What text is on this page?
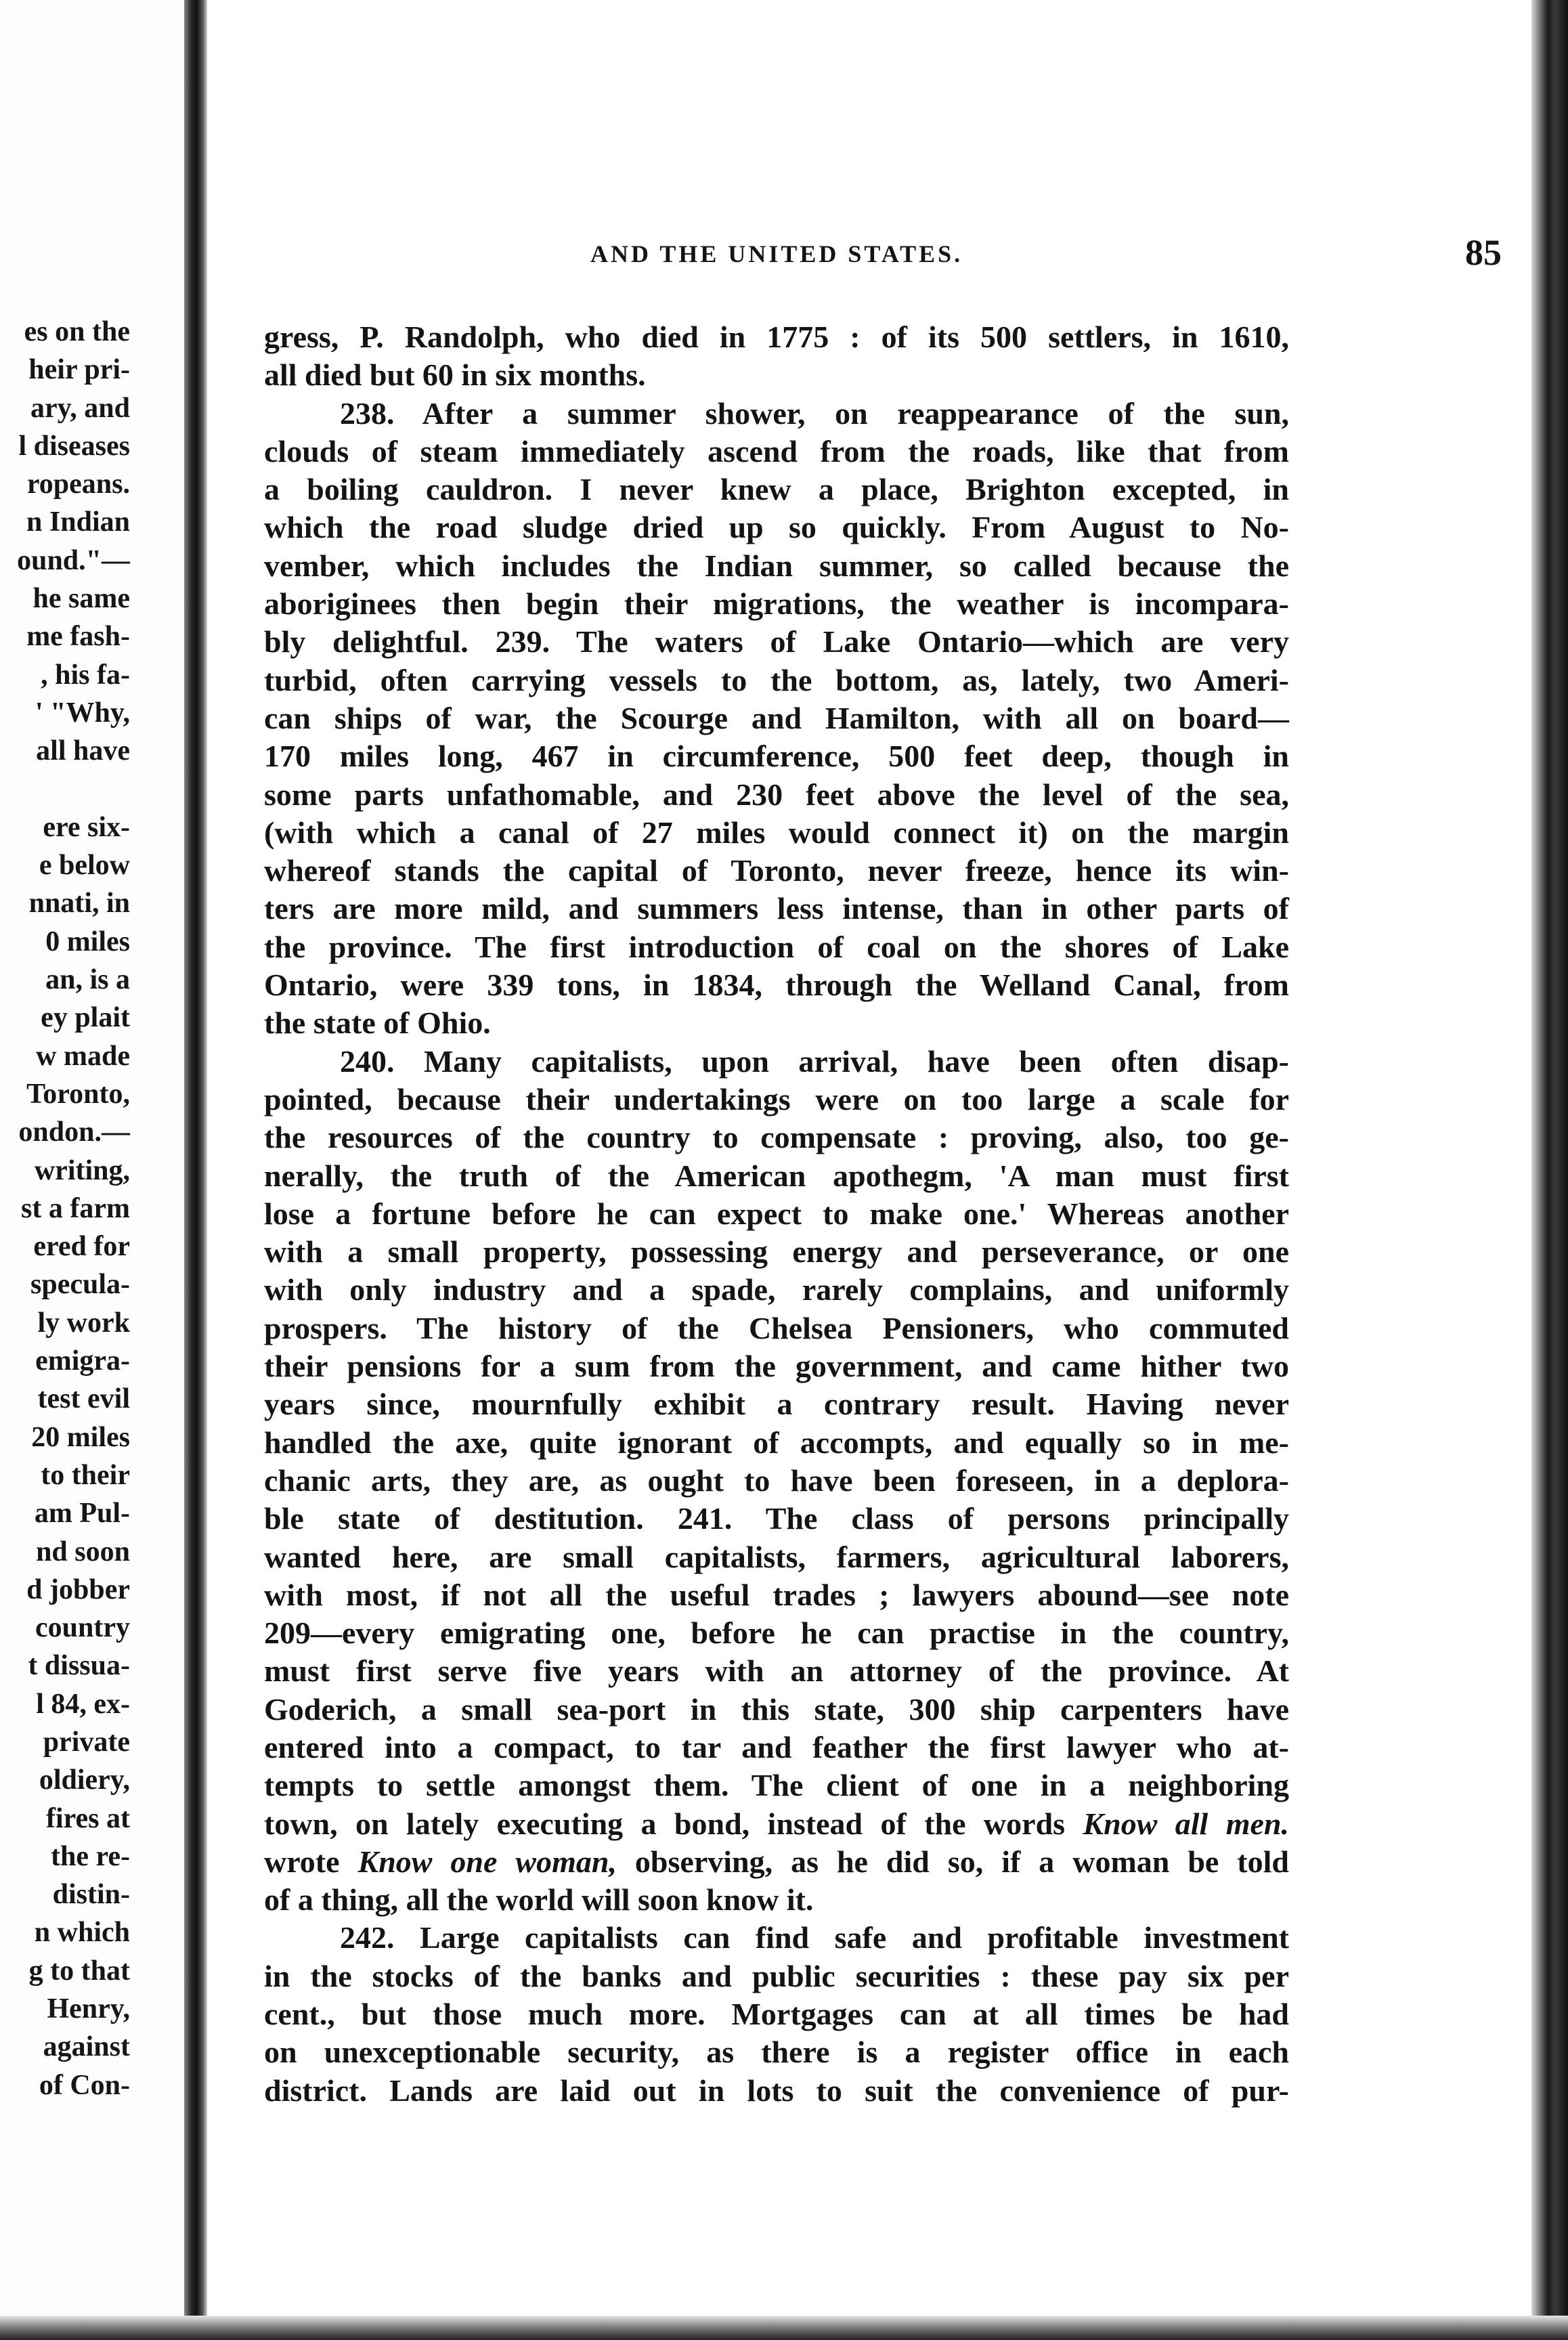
es on the
heir pri-
ary, and
l diseases
ropeans.
n Indian
ound."—
he same
me fash-
, his fa-
' "Why,
all have

ere six-
e below
nnati, in
0 miles
an, is a
ey plait
w made
Toronto,
ondon.—
writing,
st a farm
ered for
specula-
ly work
emigra-
test evil
20 miles
to their
am Pul-
nd soon
d jobber
country
t dissua-
l 84, ex-
private
oldiery,
fires at
the re-
distin-
n which
g to that
Henry,
against
of Con-
AND THE UNITED STATES.	85
gress, P. Randolph, who died in 1775 : of its 500 settlers, in 1610,
all died but 60 in six months.
238. After a summer shower, on reappearance of the sun,
clouds of steam immediately ascend from the roads, like that from
a boiling cauldron. I never knew a place, Brighton excepted, in
which the road sludge dried up so quickly. From August to No-
vember, which includes the Indian summer, so called because the
aboriginees then begin their migrations, the weather is incompara-
bly delightful. 239. The waters of Lake Ontario—which are very
turbid, often carrying vessels to the bottom, as, lately, two Ameri-
can ships of war, the Scourge and Hamilton, with all on board—
170 miles long, 467 in circumference, 500 feet deep, though in
some parts unfathomable, and 230 feet above the level of the sea,
(with which a canal of 27 miles would connect it) on the margin
whereof stands the capital of Toronto, never freeze, hence its win-
ters are more mild, and summers less intense, than in other parts of
the province. The first introduction of coal on the shores of Lake
Ontario, were 339 tons, in 1834, through the Welland Canal, from
the state of Ohio.
240. Many capitalists, upon arrival, have been often disap-
pointed, because their undertakings were on too large a scale for
the resources of the country to compensate : proving, also, too ge-
nerally, the truth of the American apothegm, 'A man must first
lose a fortune before he can expect to make one.' Whereas another
with a small property, possessing energy and perseverance, or one
with only industry and a spade, rarely complains, and uniformly
prospers. The history of the Chelsea Pensioners, who commuted
their pensions for a sum from the government, and came hither two
years since, mournfully exhibit a contrary result. Having never
handled the axe, quite ignorant of accompts, and equally so in me-
chanic arts, they are, as ought to have been foreseen, in a deplora-
ble state of destitution. 241. The class of persons principally
wanted here, are small capitalists, farmers, agricultural laborers,
with most, if not all the useful trades ; lawyers abound—see note
209—every emigrating one, before he can practise in the country,
must first serve five years with an attorney of the province. At
Goderich, a small sea-port in this state, 300 ship carpenters have
entered into a compact, to tar and feather the first lawyer who at-
tempts to settle amongst them. The client of one in a neighboring
town, on lately executing a bond, instead of the words Know all men.
wrote Know one woman, observing, as he did so, if a woman be told
of a thing, all the world will soon know it.
242. Large capitalists can find safe and profitable investment
in the stocks of the banks and public securities : these pay six per
cent., but those much more. Mortgages can at all times be had
on unexceptionable security, as there is a register office in each
district. Lands are laid out in lots to suit the convenience of pur-
